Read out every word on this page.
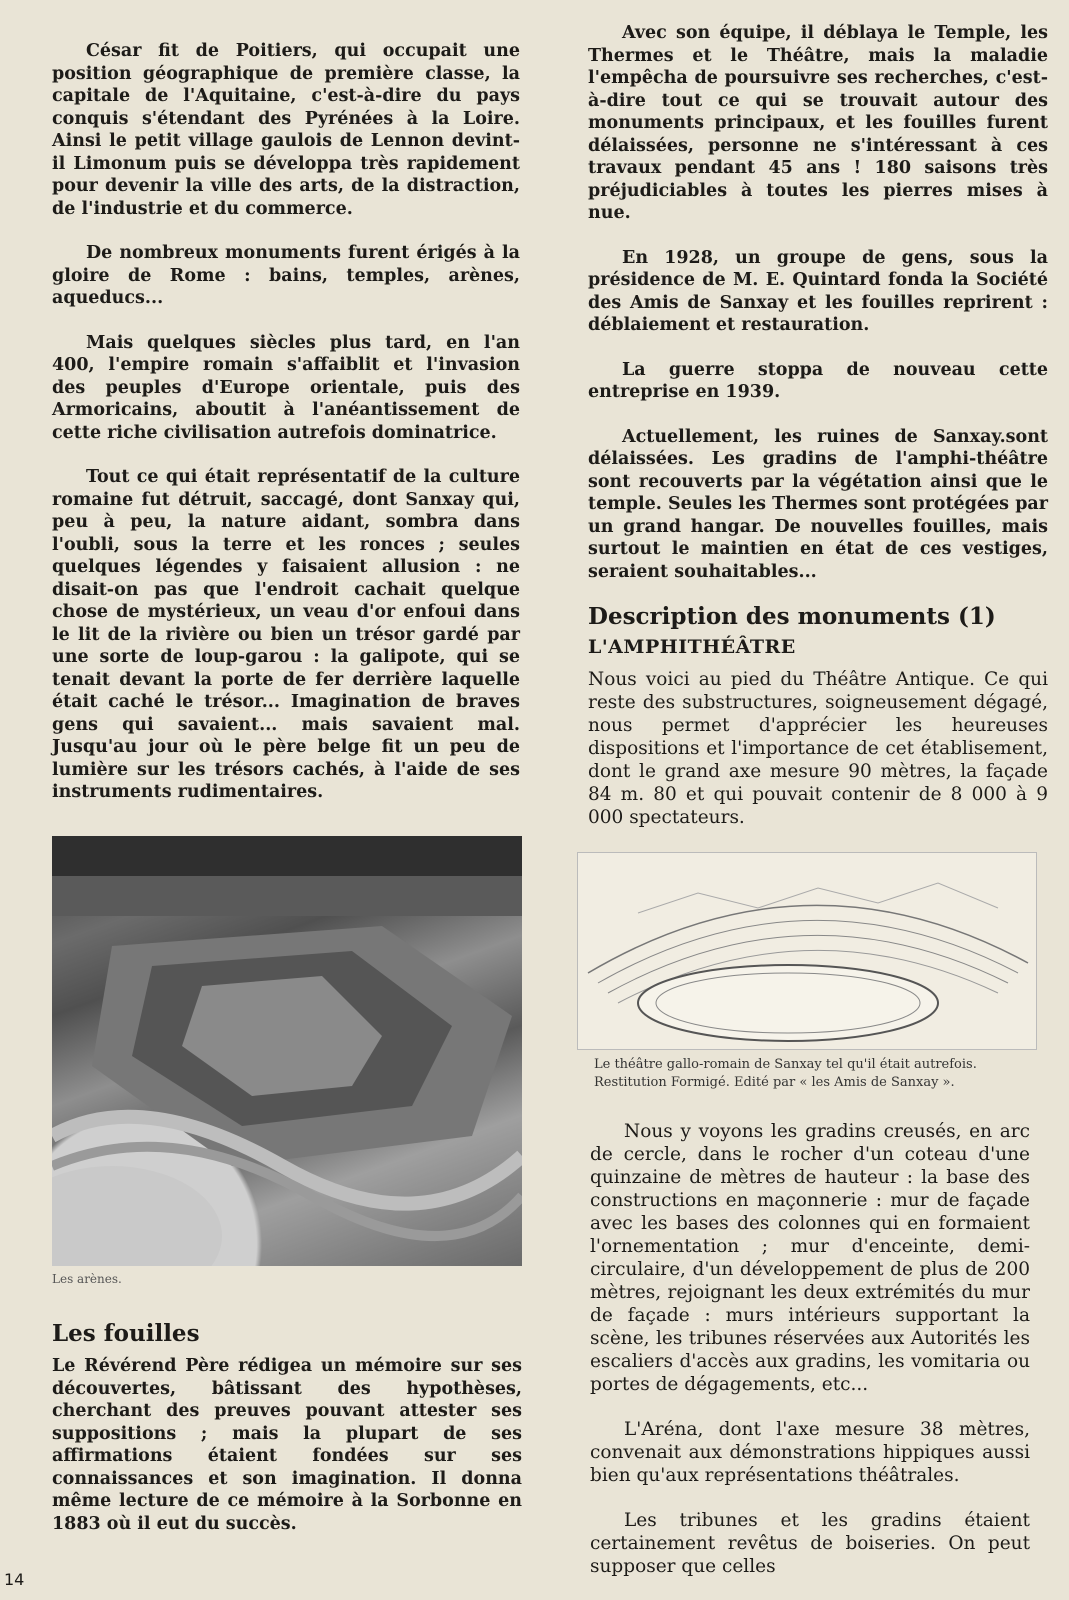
César fit de Poitiers, qui occupait une position géographique de première classe, la capitale de l'Aquitaine, c'est-à-dire du pays conquis s'étendant des Pyrénées à la Loire. Ainsi le petit village gaulois de Lennon devint-il Limonum puis se développa très rapidement pour devenir la ville des arts, de la distraction, de l'industrie et du commerce.

De nombreux monuments furent érigés à la gloire de Rome : bains, temples, arènes, aqueducs...

Mais quelques siècles plus tard, en l'an 400, l'empire romain s'affaiblit et l'invasion des peuples d'Europe orientale, puis des Armoricains, aboutit à l'anéantissement de cette riche civilisation autrefois dominatrice.

Tout ce qui était représentatif de la culture romaine fut détruit, saccagé, dont Sanxay qui, peu à peu, la nature aidant, sombra dans l'oubli, sous la terre et les ronces ; seules quelques légendes y faisaient allusion : ne disait-on pas que l'endroit cachait quelque chose de mystérieux, un veau d'or enfoui dans le lit de la rivière ou bien un trésor gardé par une sorte de loup-garou : la galipote, qui se tenait devant la porte de fer derrière laquelle était caché le trésor... Imagination de braves gens qui savaient... mais savaient mal. Jusqu'au jour où le père belge fit un peu de lumière sur les trésors cachés, à l'aide de ses instruments rudimentaires.

Les arènes.
Les fouilles

Le Révérend Père rédigea un mémoire sur ses découvertes, bâtissant des hypothèses, cherchant des preuves pouvant attester ses suppositions ; mais la plupart de ses affirmations étaient fondées sur ses connaissances et son imagination. Il donna même lecture de ce mémoire à la Sorbonne en 1883 où il eut du succès.

Avec son équipe, il déblaya le Temple, les Thermes et le Théâtre, mais la maladie l'empêcha de poursuivre ses recherches, c'est-à-dire tout ce qui se trouvait autour des monuments principaux, et les fouilles furent délaissées, personne ne s'intéressant à ces travaux pendant 45 ans ! 180 saisons très préjudiciables à toutes les pierres mises à nue.

En 1928, un groupe de gens, sous la présidence de M. E. Quintard fonda la Société des Amis de Sanxay et les fouilles reprirent : déblaiement et restauration.

La guerre stoppa de nouveau cette entreprise en 1939.

Actuellement, les ruines de Sanxay.sont délaissées. Les gradins de l'amphi-théâtre sont recouverts par la végétation ainsi que le temple. Seules les Thermes sont protégées par un grand hangar. De nouvelles fouilles, mais surtout le maintien en état de ces vestiges, seraient souhaitables...

Description des monuments (1)
L'AMPHITHÉÂTRE

Nous voici au pied du Théâtre Antique. Ce qui reste des substructures, soigneusement dégagé, nous permet d'apprécier les heureuses dispositions et l'importance de cet établisement, dont le grand axe mesure 90 mètres, la façade 84 m. 80 et qui pouvait contenir de 8 000 à 9 000 spectateurs.

Le théâtre gallo-romain de Sanxay tel qu'il était autrefois. Restitution Formigé. Edité par « les Amis de Sanxay ».

Nous y voyons les gradins creusés, en arc de cercle, dans le rocher d'un coteau d'une quinzaine de mètres de hauteur : la base des constructions en maçonnerie : mur de façade avec les bases des colonnes qui en formaient l'ornementation ; mur d'enceinte, demi-circulaire, d'un développement de plus de 200 mètres, rejoignant les deux extrémités du mur de façade : murs intérieurs supportant la scène, les tribunes réservées aux Autorités les escaliers d'accès aux gradins, les vomitaria ou portes de dégagements, etc...

L'Aréna, dont l'axe mesure 38 mètres, convenait aux démonstrations hippiques aussi bien qu'aux représentations théâtrales.

Les tribunes et les gradins étaient certainement revêtus de boiseries. On peut supposer que celles

14
